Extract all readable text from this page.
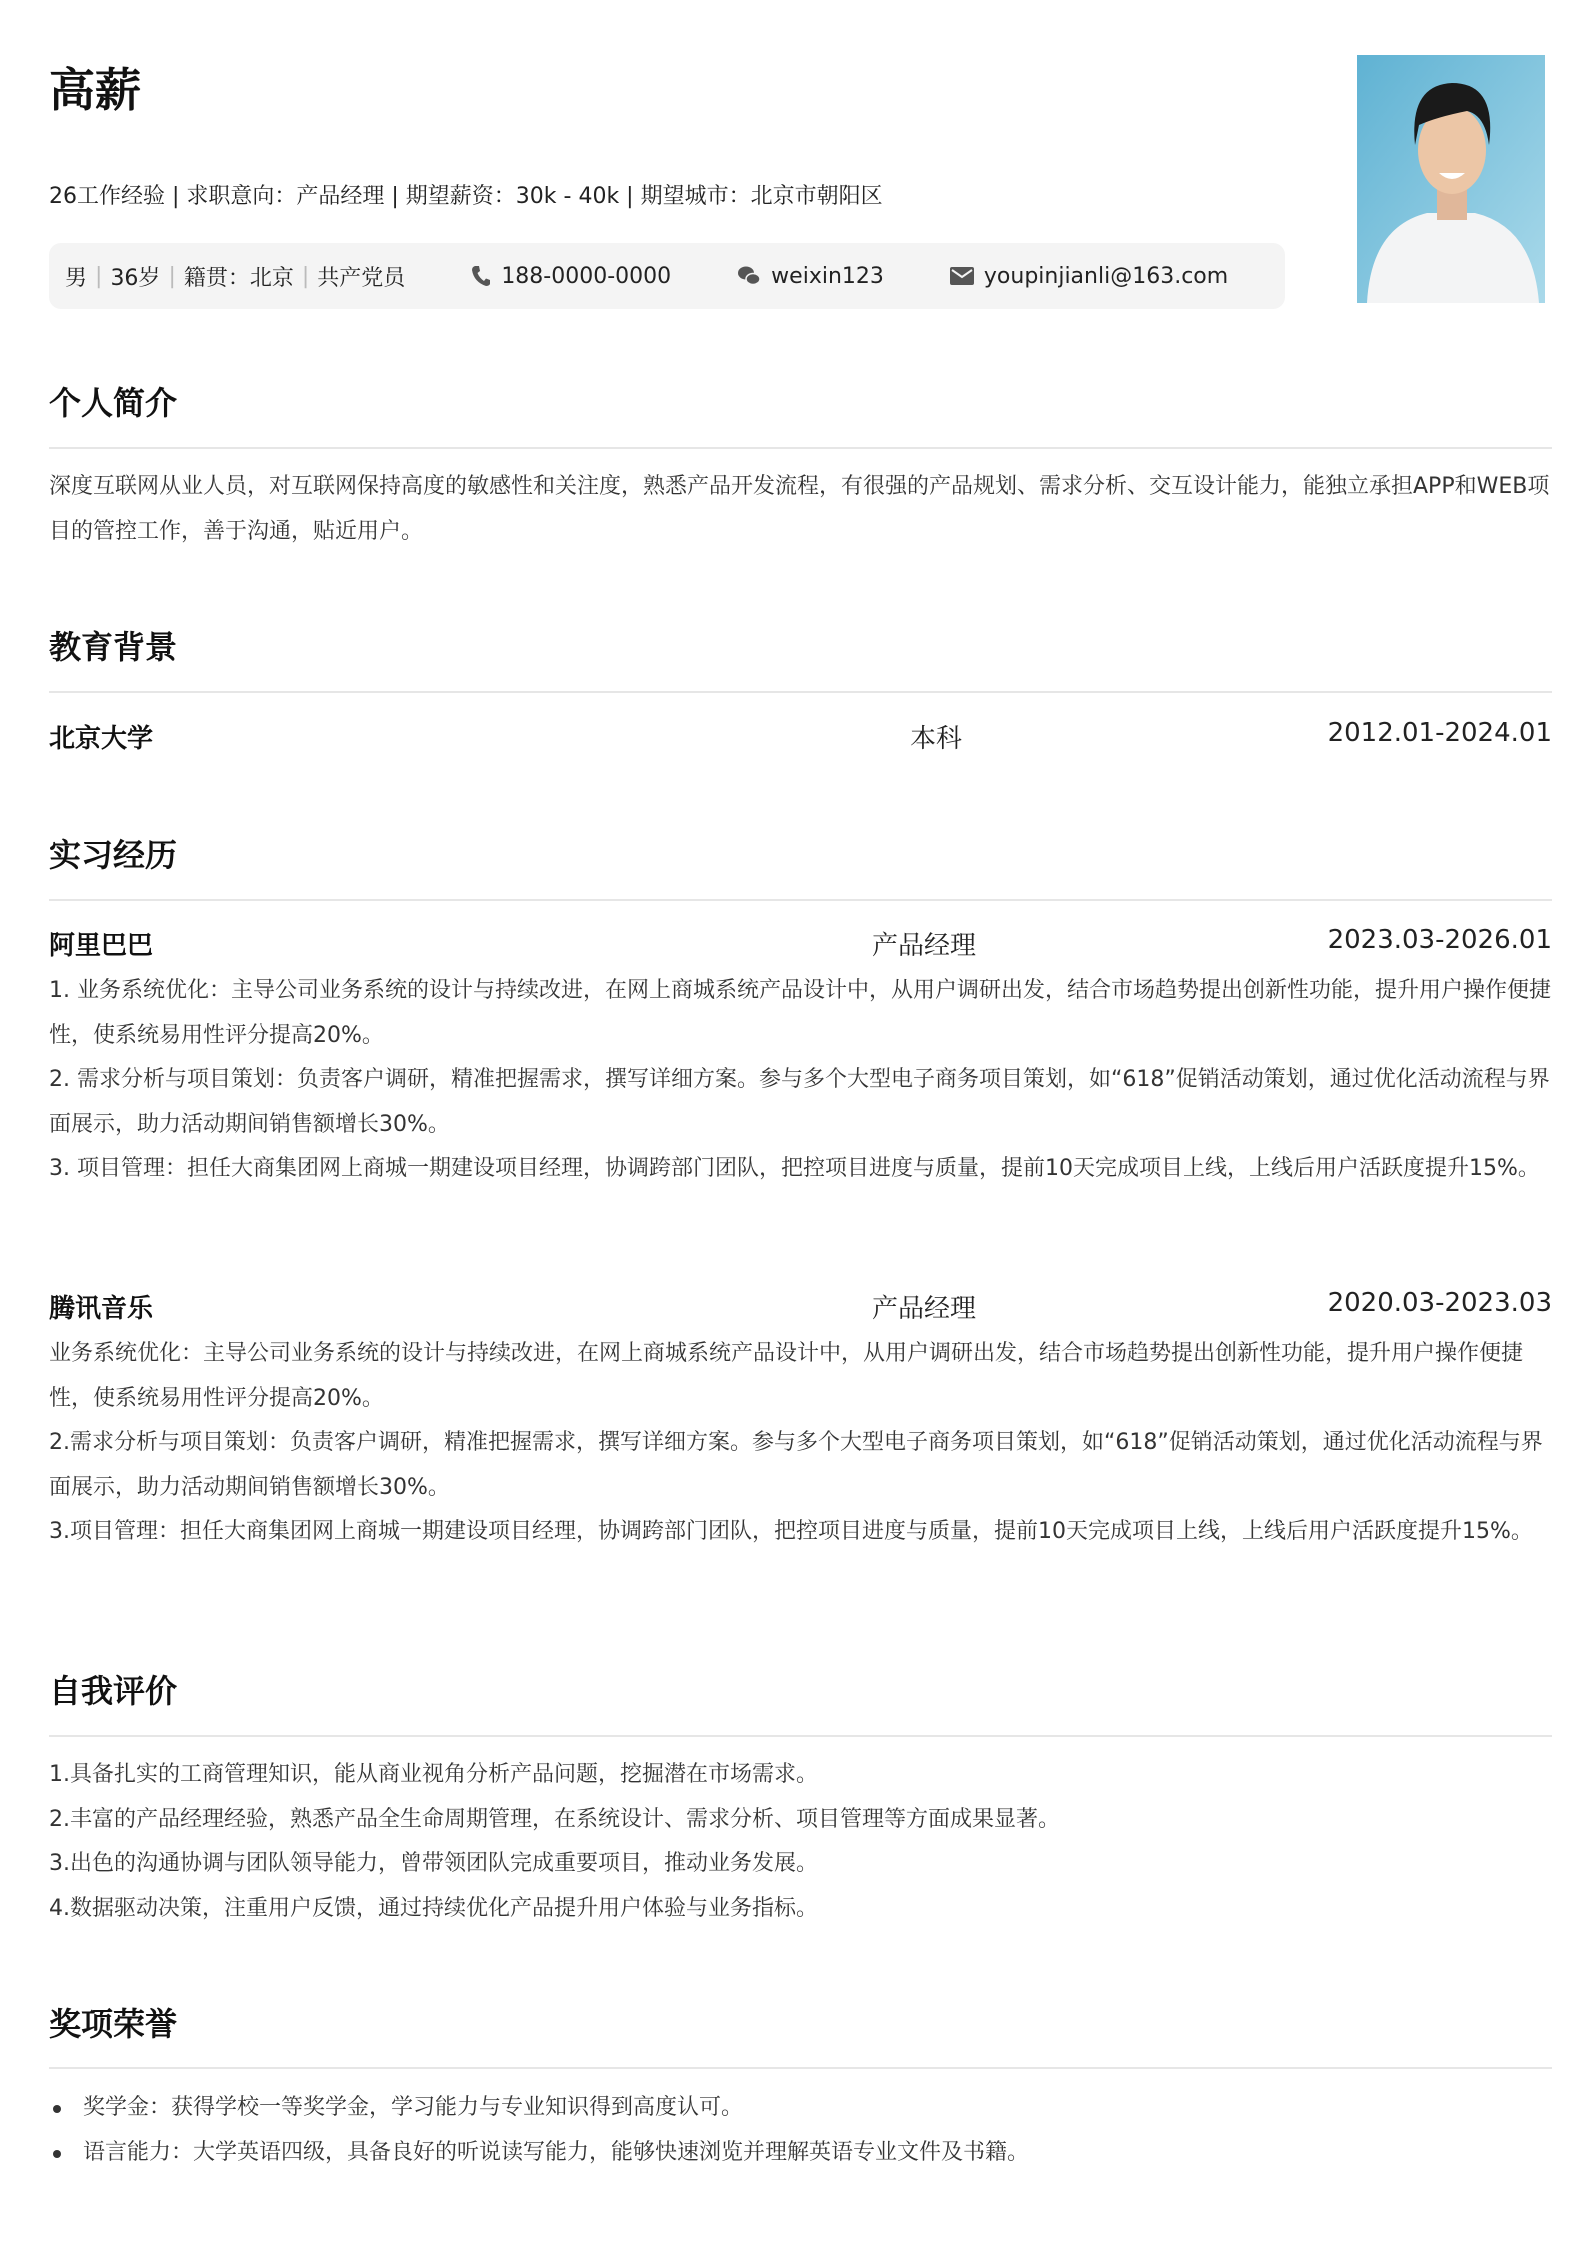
高薪
26工作经验 | 求职意向：产品经理 | 期望薪资：30k - 40k | 期望城市：北京市朝阳区
男 | 36岁 | 籍贯：北京 | 共产党员	188-0000-0000	weixin123	youpinjianli@163.com
个人简介
深度互联网从业人员，对互联网保持高度的敏感性和关注度，熟悉产品开发流程，有很强的产品规划、需求分析、交互设计能力，能独立承担APP和WEB项目的管控工作，善于沟通，贴近用户。
教育背景
北京大学	本科	2012.01-2024.01
实习经历
阿里巴巴	产品经理	2023.03-2026.01
1. 业务系统优化：主导公司业务系统的设计与持续改进，在网上商城系统产品设计中，从用户调研出发，结合市场趋势提出创新性功能，提升用户操作便捷性，使系统易用性评分提高20%。
2. 需求分析与项目策划：负责客户调研，精准把握需求，撰写详细方案。参与多个大型电子商务项目策划，如“618”促销活动策划，通过优化活动流程与界面展示，助力活动期间销售额增长30%。
3. 项目管理：担任大商集团网上商城一期建设项目经理，协调跨部门团队，把控项目进度与质量，提前10天完成项目上线，上线后用户活跃度提升15%。
腾讯音乐	产品经理	2020.03-2023.03
业务系统优化：主导公司业务系统的设计与持续改进，在网上商城系统产品设计中，从用户调研出发，结合市场趋势提出创新性功能，提升用户操作便捷性，使系统易用性评分提高20%。
2.需求分析与项目策划：负责客户调研，精准把握需求，撰写详细方案。参与多个大型电子商务项目策划，如“618”促销活动策划，通过优化活动流程与界面展示，助力活动期间销售额增长30%。
3.项目管理：担任大商集团网上商城一期建设项目经理，协调跨部门团队，把控项目进度与质量，提前10天完成项目上线，上线后用户活跃度提升15%。
自我评价
1.具备扎实的工商管理知识，能从商业视角分析产品问题，挖掘潜在市场需求。
2.丰富的产品经理经验，熟悉产品全生命周期管理，在系统设计、需求分析、项目管理等方面成果显著。
3.出色的沟通协调与团队领导能力，曾带领团队完成重要项目，推动业务发展。
4.数据驱动决策，注重用户反馈，通过持续优化产品提升用户体验与业务指标。
奖项荣誉
奖学金：获得学校一等奖学金，学习能力与专业知识得到高度认可。
语言能力：大学英语四级，具备良好的听说读写能力，能够快速浏览并理解英语专业文件及书籍。
